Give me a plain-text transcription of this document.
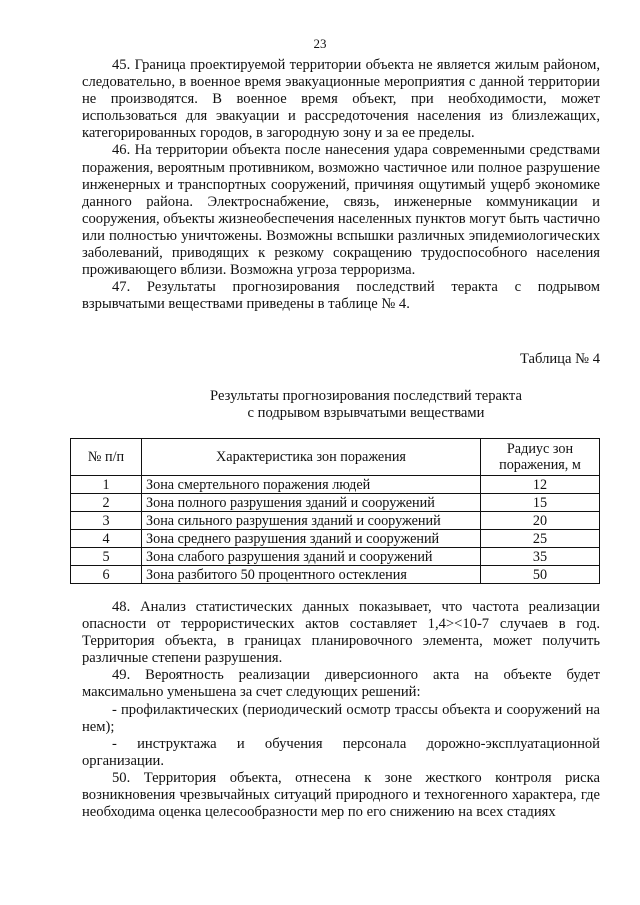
23

45. Граница проектируемой территории объекта не является жилым районом, следовательно, в военное время эвакуационные мероприятия с данной территории не производятся. В военное время объект, при необходимости, может использоваться для эвакуации и рассредоточения населения из близлежащих, категорированных городов, в загородную зону и за ее пределы.

46. На территории объекта после нанесения удара современными средствами поражения, вероятным противником, возможно частичное или полное разрушение инженерных и транспортных сооружений, причиняя ощутимый ущерб экономике данного района. Электроснабжение, связь, инженерные коммуникации и сооружения, объекты жизнеобеспечения населенных пунктов могут быть частично или полностью уничтожены. Возможны вспышки различных эпидемиологических заболеваний, приводящих к резкому сокращению трудоспособного населения проживающего вблизи. Возможна угроза терроризма.

47. Результаты прогнозирования последствий теракта с подрывом взрывчатыми веществами приведены в таблице № 4.

Таблица № 4
Результаты прогнозирования последствий теракта
с подрывом взрывчатыми веществами
№ п/п	Характеристика зон поражения	Радиус зон поражения, м
1	Зона смертельного поражения людей	12
2	Зона полного разрушения зданий и сооружений	15
3	Зона сильного разрушения зданий и сооружений	20
4	Зона среднего разрушения зданий и сооружений	25
5	Зона слабого разрушения зданий и сооружений	35
6	Зона разбитого 50 процентного остекления	50

48. Анализ статистических данных показывает, что частота реализации опасности от террористических актов составляет 1,4><10-7 случаев в год. Территория объекта, в границах планировочного элемента, может получить различные степени разрушения.

49. Вероятность реализации диверсионного акта на объекте будет максимально уменьшена за счет следующих решений:

- профилактических (периодический осмотр трассы объекта и сооружений на нем);

- инструктажа и обучения персонала дорожно-эксплуатационной организации.

50. Территория объекта, отнесена к зоне жесткого контроля риска возникновения чрезвычайных ситуаций природного и техногенного характера, где необходима оценка целесообразности мер по его снижению на всех стадиях
